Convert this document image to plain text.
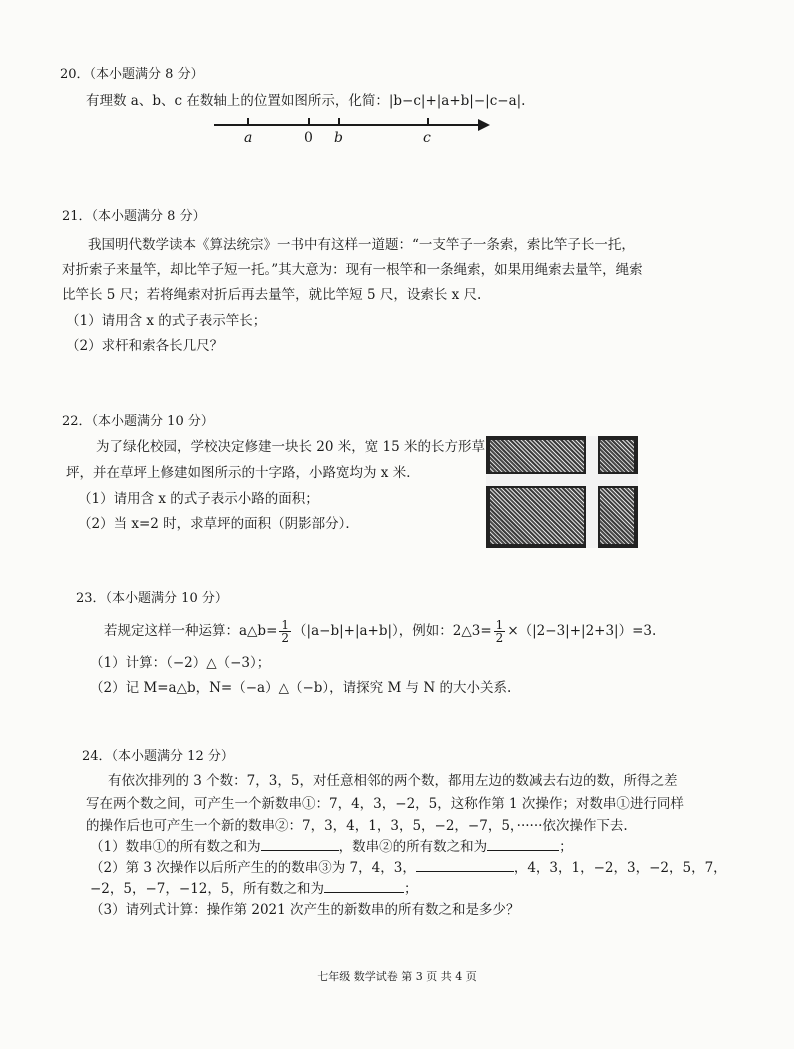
20．（本小题满分 8 分）
有理数 a、b、c 在数轴上的位置如图所示，化简：|b−c|+|a+b|−|c−a|.
a	0 b	c
21．（本小题满分 8 分）
我国明代数学读本《算法统宗》一书中有这样一道题：“一支竿子一条索，索比竿子长一托，
对折索子来量竿，却比竿子短一托。”其大意为：现有一根竿和一条绳索，如果用绳索去量竿，绳索
比竿长 5 尺；若将绳索对折后再去量竿，就比竿短 5 尺，设索长 x 尺.
（1）请用含 x 的式子表示竿长；
（2）求杆和索各长几尺？
22．（本小题满分 10 分）
为了绿化校园，学校决定修建一块长 20 米，宽 15 米的长方形草
坪，并在草坪上修建如图所示的十字路，小路宽均为 x 米．
（1）请用含 x 的式子表示小路的面积；
（2）当 x=2 时，求草坪的面积（阴影部分）．
23．（本小题满分 10 分）
若规定这样一种运算：a△b= $\frac{1}{2} (|a-b|+|a+b|)$，例如：2△3= $\frac{1}{2} \times(|2-3|+|2+3|)=3$.
（1）计算：（−2）△（−3）；
（2）记 M=a△b，N=（−a）△（−b），请探究 M 与 N 的大小关系.
24．（本小题满分 12 分）
有依次排列的 3 个数：7，3，5，对任意相邻的两个数，都用左边的数减去右边的数，所得之差
写在两个数之间，可产生一个新数串①：7，4，3，−2，5，这称作第 1 次操作；对数串①进行同样
的操作后也可产生一个新的数串②：7，3，4，1，3，5，−2，−7，5，······依次操作下去.
（1）数串①的所有数之和为	，数串②的所有数之和为	；
（2）第 3 次操作以后所产生的的数串③为 7，4，3，	，4，3，1，−2，3，−2，5，7，
−2，5，−7，−12，5，所有数之和为	；
（3）请列式计算：操作第 2021 次产生的新数串的所有数之和是多少？
七年级 数学试卷 第 3 页 共 4 页
